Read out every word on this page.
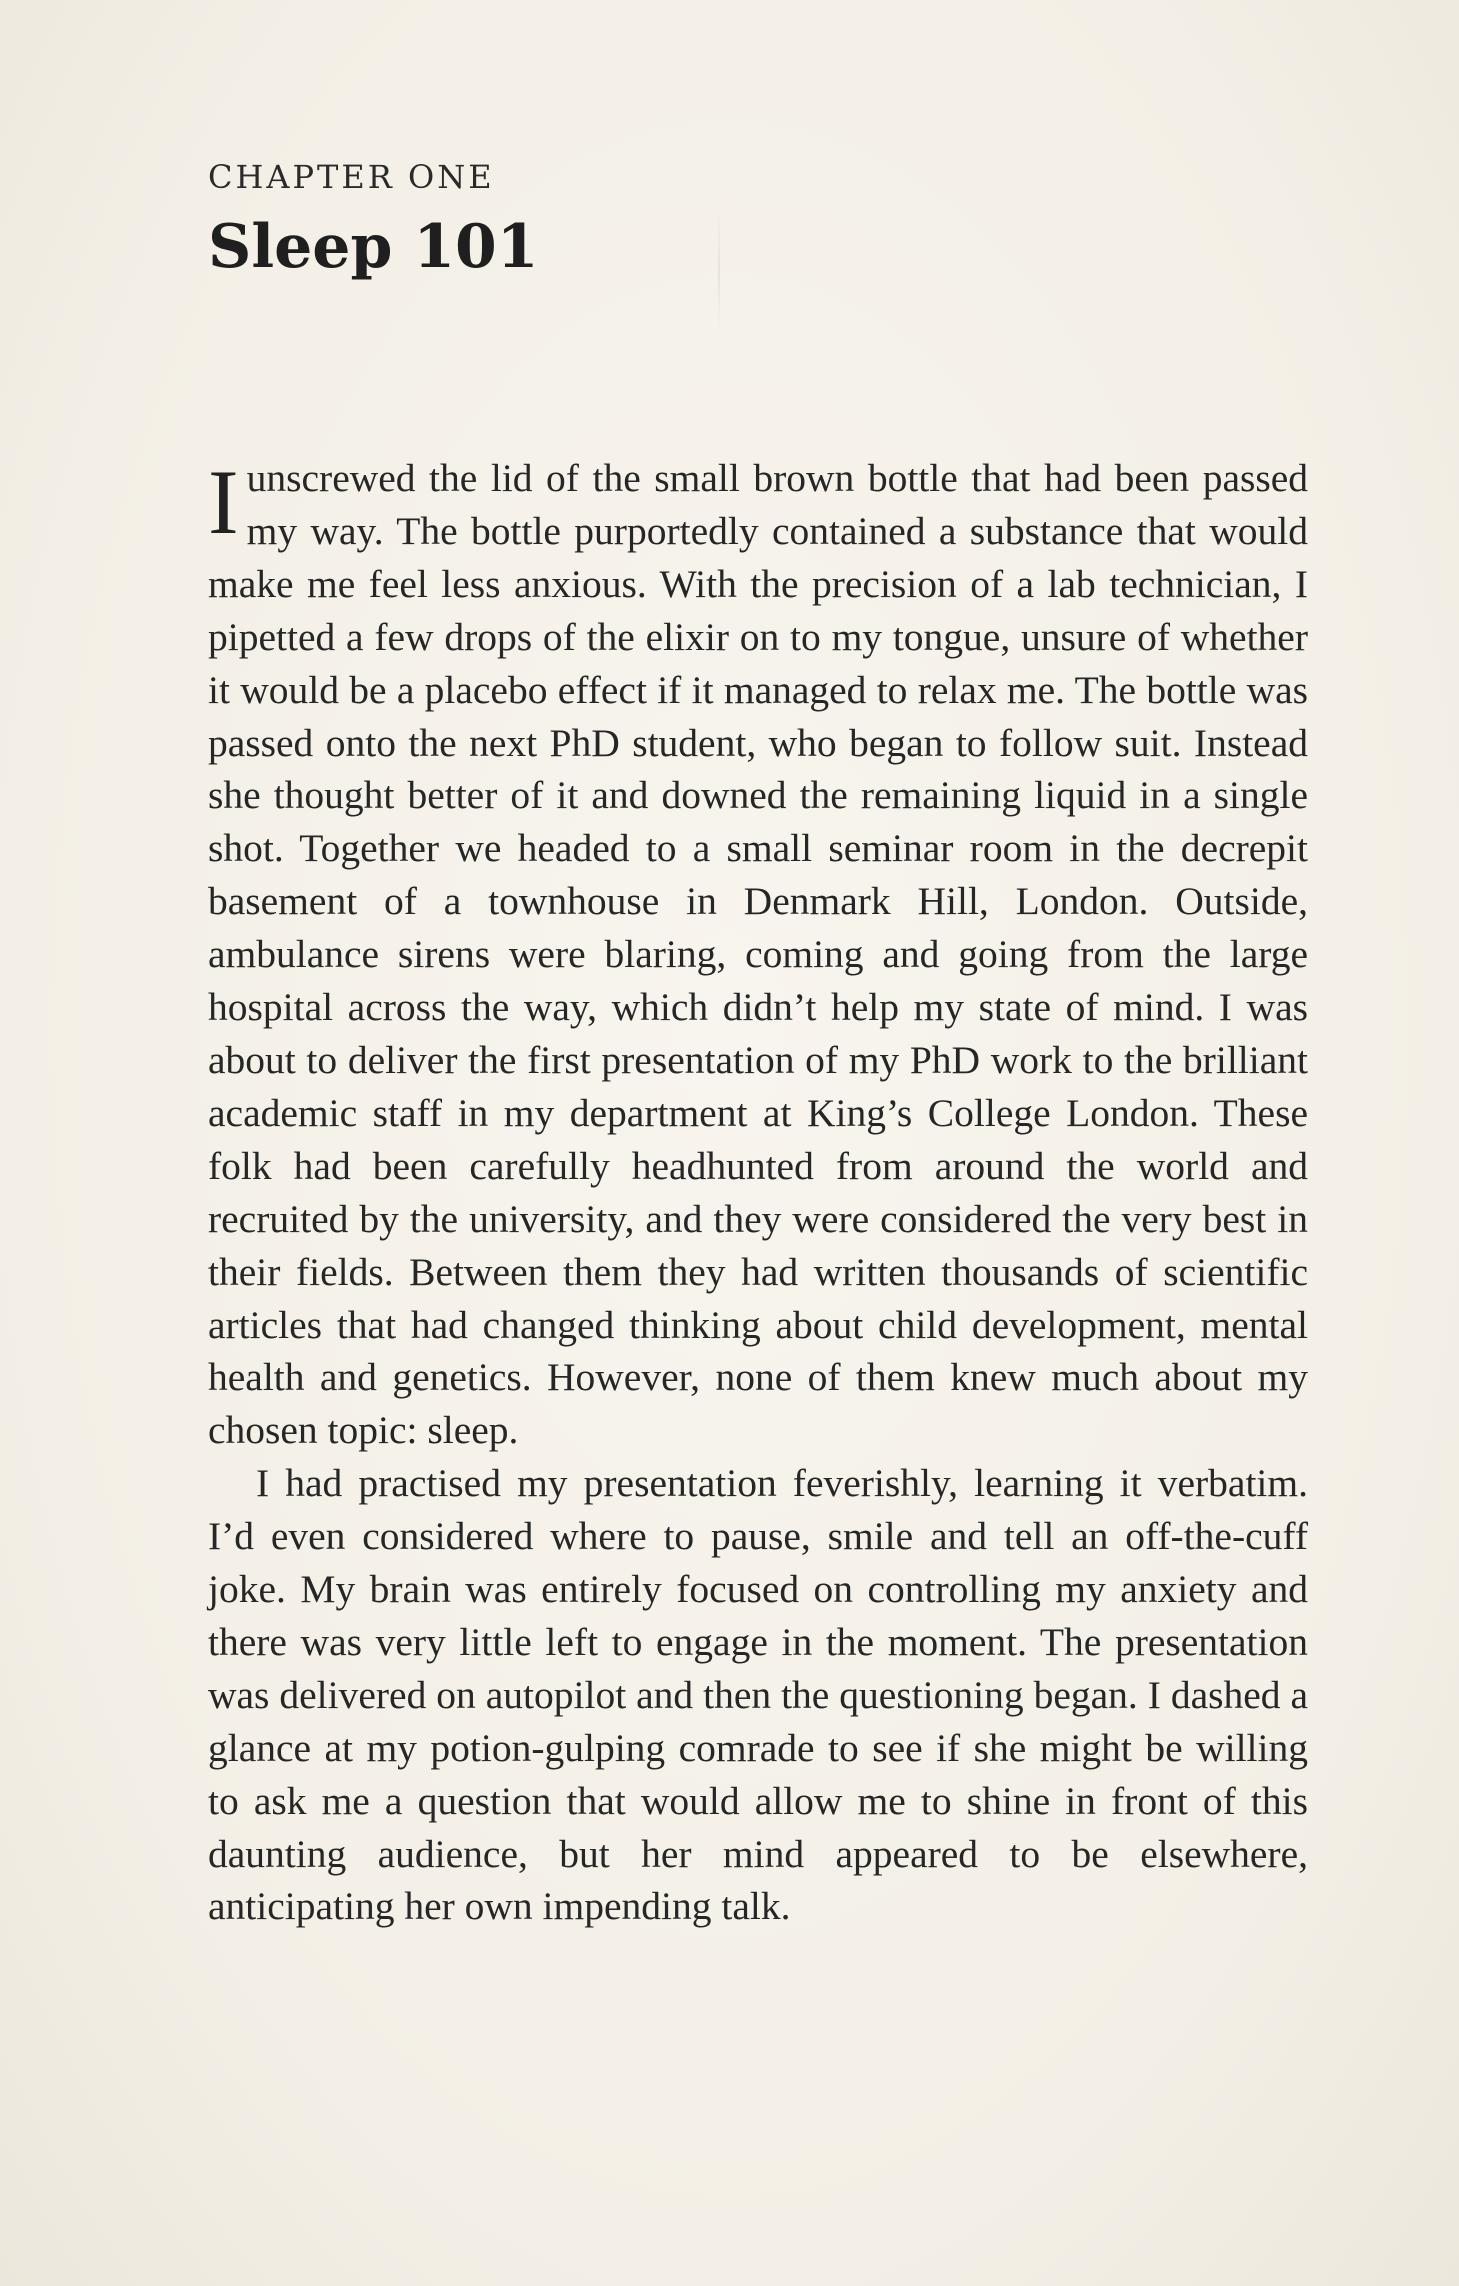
CHAPTER ONE
Sleep 101

Iunscrewed the lid of the small brown bottle that had been passed my way. The bottle purportedly contained a substance that would make me feel less anxious. With the precision of a lab technician, I pipetted a few drops of the elixir on to my tongue, unsure of whether it would be a placebo effect if it managed to relax me. The bottle was passed onto the next PhD student, who began to follow suit. Instead she thought better of it and downed the remaining liquid in a single shot. Together we headed to a small seminar room in the decrepit basement of a townhouse in Denmark Hill, London. Outside, ambulance sirens were blaring, coming and going from the large hospital across the way, which didn’t help my state of mind. I was about to deliver the first presentation of my PhD work to the brilliant academic staff in my department at King’s College London. These folk had been carefully headhunted from around the world and recruited by the university, and they were considered the very best in their fields. Between them they had written thousands of scientific articles that had changed thinking about child development, mental health and genetics. However, none of them knew much about my chosen topic: sleep.

I had practised my presentation feverishly, learning it verbatim. I’d even considered where to pause, smile and tell an off-the-cuff joke. My brain was entirely focused on controlling my anxiety and there was very little left to engage in the moment. The presentation was delivered on autopilot and then the questioning began. I dashed a glance at my potion-gulping comrade to see if she might be willing to ask me a question that would allow me to shine in front of this daunting audience, but her mind appeared to be elsewhere, anticipating her own impending talk.
